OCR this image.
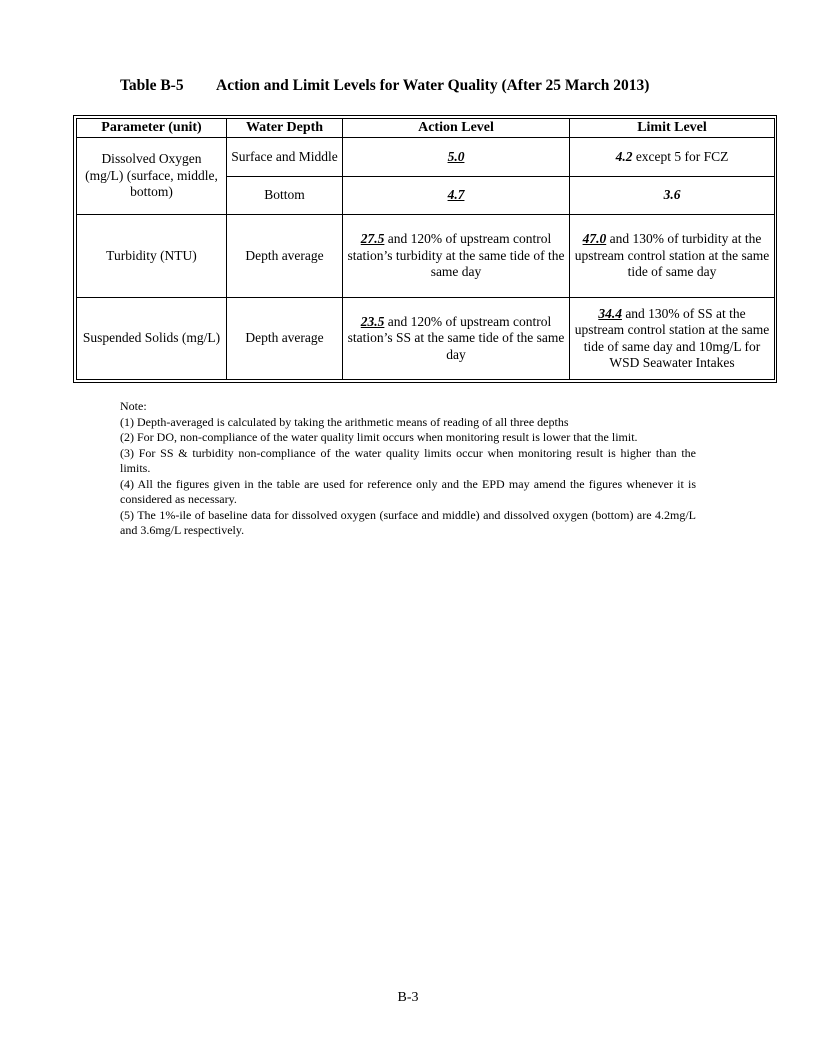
Table B-5 Action and Limit Levels for Water Quality (After 25 March 2013)
Parameter (unit)	Water Depth	Action Level	Limit Level
Dissolved Oxygen (mg/L) (surface, middle, bottom)	Surface and Middle	5.0	4.2 except 5 for FCZ
	Bottom	4.7	3.6
Turbidity (NTU)	Depth average	27.5 and 120% of upstream control station’s turbidity at the same tide of the same day	47.0 and 130% of turbidity at the upstream control station at the same tide of same day
Suspended Solids (mg/L)	Depth average	23.5 and 120% of upstream control station’s SS at the same tide of the same day	34.4 and 130% of SS at the upstream control station at the same tide of same day and 10mg/L for WSD Seawater Intakes

Note:

(1) Depth-averaged is calculated by taking the arithmetic means of reading of all three depths

(2) For DO, non-compliance of the water quality limit occurs when monitoring result is lower that the limit.

(3) For SS & turbidity non-compliance of the water quality limits occur when monitoring result is higher than the limits.

(4) All the figures given in the table are used for reference only and the EPD may amend the figures whenever it is considered as necessary.

(5) The 1%-ile of baseline data for dissolved oxygen (surface and middle) and dissolved oxygen (bottom) are 4.2mg/L and 3.6mg/L respectively.

B-3
